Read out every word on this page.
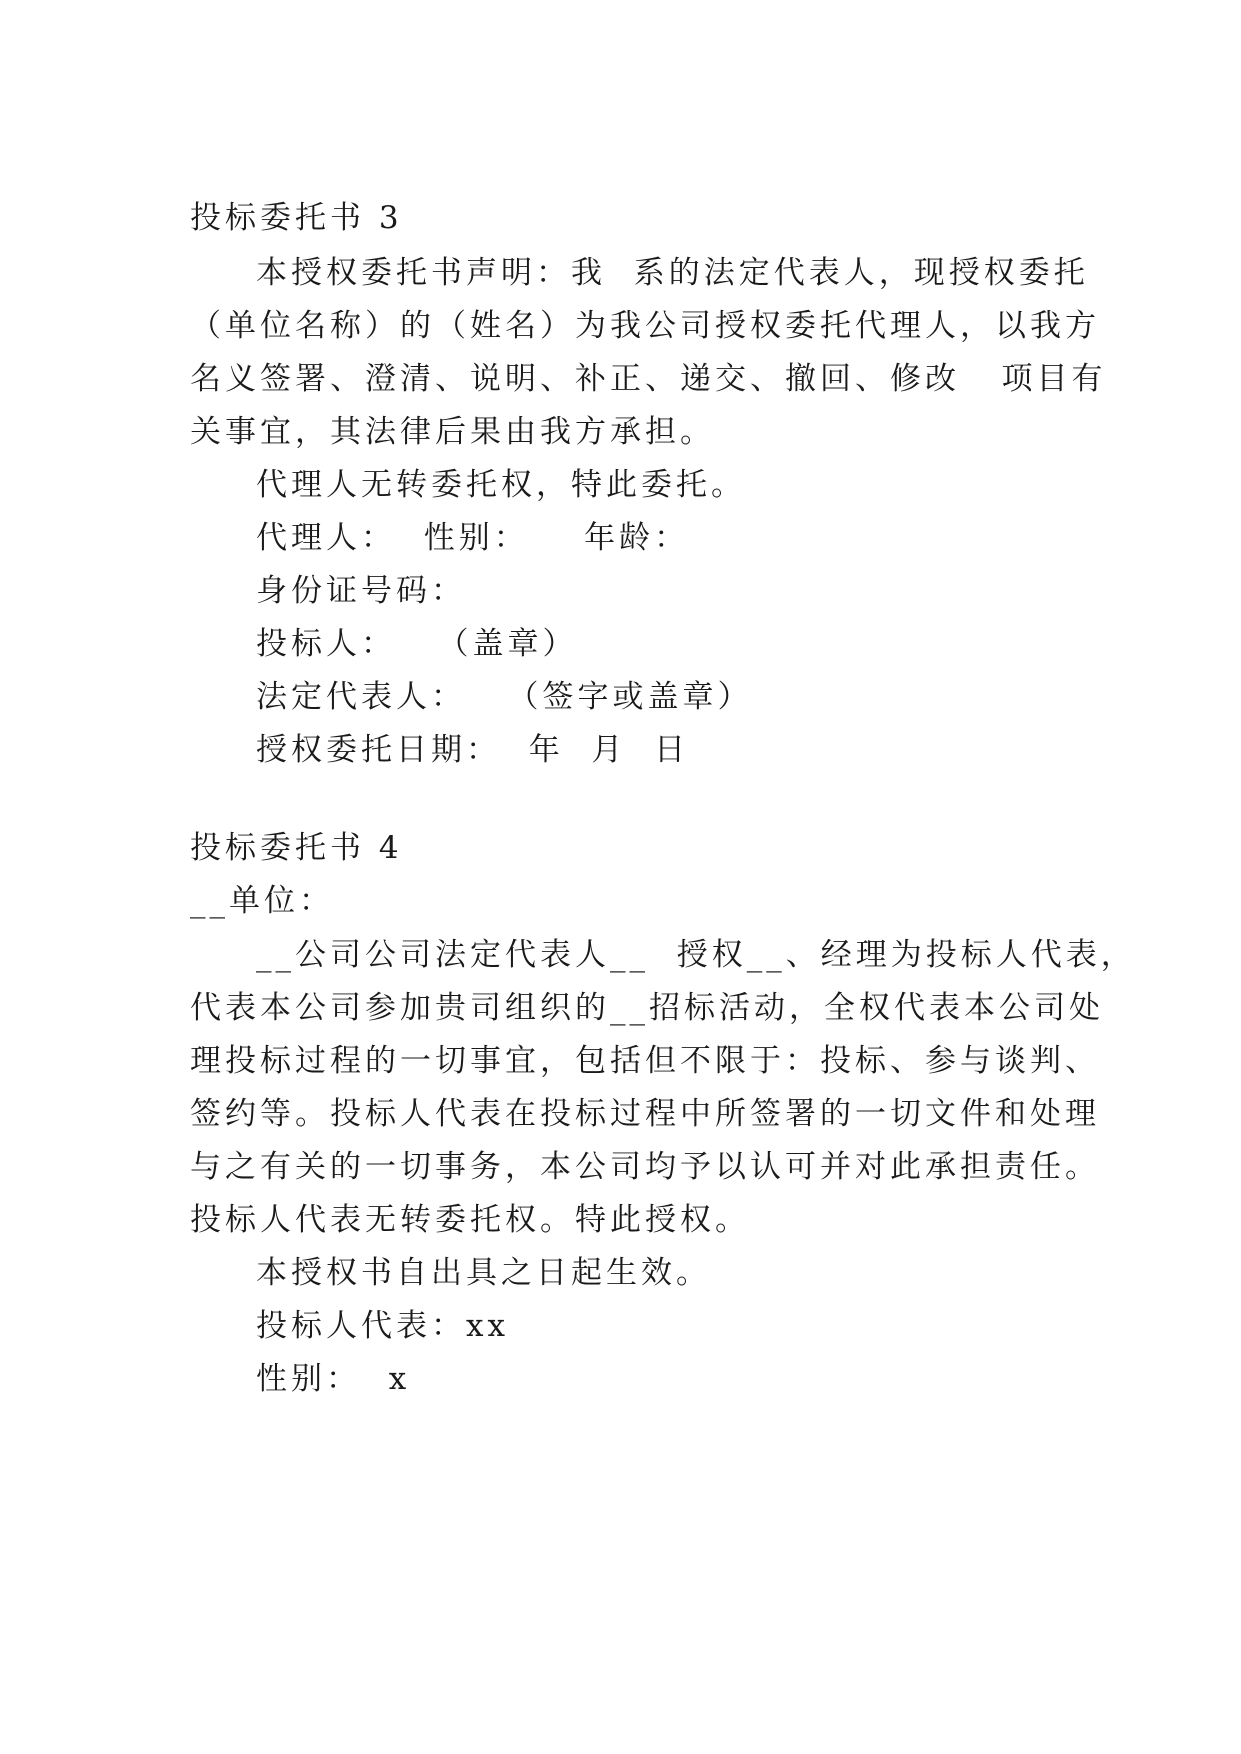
投标委托书 3
本授权委托书声明：我  系的法定代表人，现授权委托
（单位名称）的（姓名）为我公司授权委托代理人，以我方
名义签署、澄清、说明、补正、递交、撤回、修改   项目有
关事宜，其法律后果由我方承担。
代理人无转委托权，特此委托。
代理人：  性别：    年龄：
身份证号码：
投标人：   （盖章）
法定代表人：   （签字或盖章）
授权委托日期：  年  月  日
投标委托书 4
__单位：
__公司公司法定代表人__  授权__、经理为投标人代表，
代表本公司参加贵司组织的__招标活动，全权代表本公司处
理投标过程的一切事宜，包括但不限于：投标、参与谈判、
签约等。投标人代表在投标过程中所签署的一切文件和处理
与之有关的一切事务，本公司均予以认可并对此承担责任。
投标人代表无转委托权。特此授权。
本授权书自出具之日起生效。
投标人代表：xx
性别：  x
